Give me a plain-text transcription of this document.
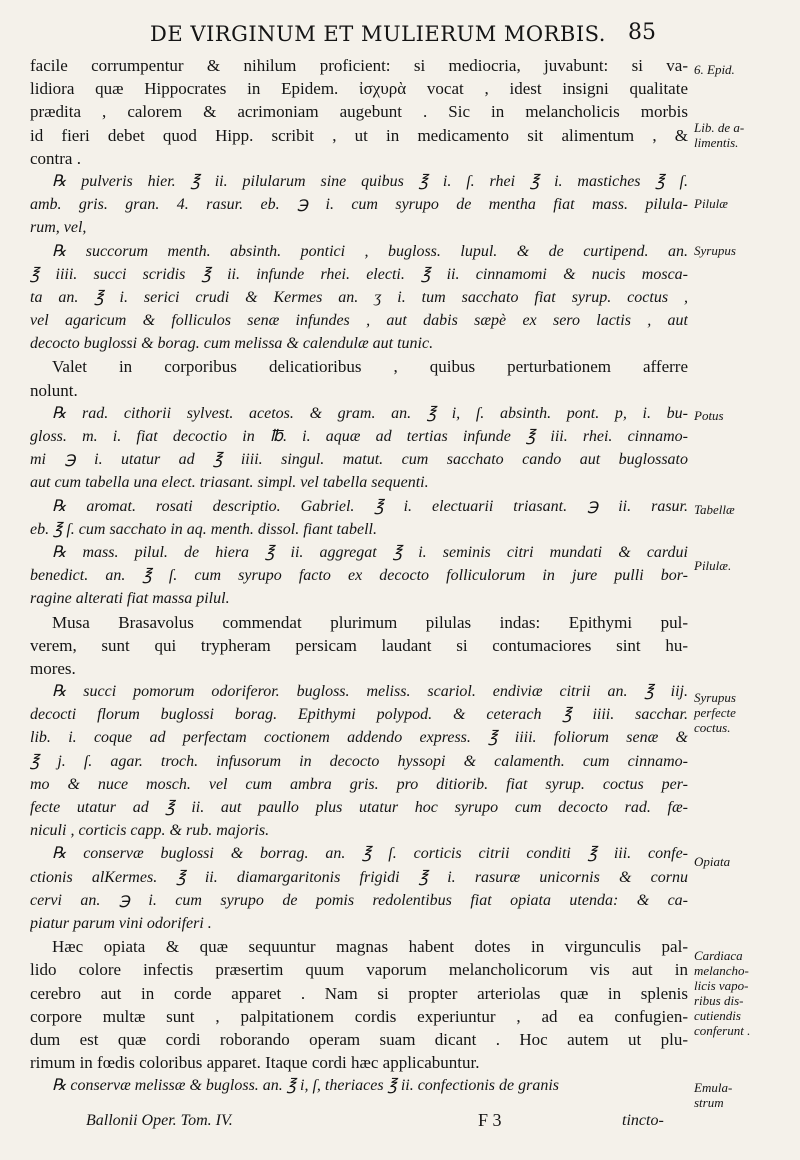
DE VIRGINUM ET MULIERUM MORBIS.	85
facile corrumpentur & nihilum proficient: si mediocria, juvabunt: si va-
lidiora quæ Hippocrates in Epidem. ἰσχυρὰ vocat , idest insigni qualitate
prædita , calorem & acrimoniam augebunt . Sic in melancholicis morbis
id fieri debet quod Hipp. scribit , ut in medicamento sit alimentum , &
contra .
℞ pulveris hier. ℥ ii. pilularum sine quibus ℥ i. ſ. rhei ℥ i. mastiches ℥ ſ.
amb. gris. gran. 4. rasur. eb. ℈ i. cum syrupo de mentha fiat mass. pilula-
rum, vel,
℞ succorum menth. absinth. pontici , bugloss. lupul. & de curtipend. an.
℥ iiii. succi scridis ℥ ii. infunde rhei. electi. ℥ ii. cinnamomi & nucis mosca-
ta an. ℥ i. serici crudi & Kermes an. ʒ i. tum sacchato fiat syrup. coctus ,
vel agaricum & folliculos senæ infundes , aut dabis sæpè ex sero lactis , aut
decocto buglossi & borag. cum melissa & calendulæ aut tunic.
Valet in corporibus delicatioribus , quibus perturbationem afferre
nolunt.
℞ rad. cithorii sylvest. acetos. & gram. an. ℥ i, ſ. absinth. pont. p, i. bu-
gloss. m. i. fiat decoctio in ℔. i. aquæ ad tertias infunde ℥ iii. rhei. cinnamo-
mi ℈ i. utatur ad ℥ iiii. singul. matut. cum sacchato cando aut buglossato
aut cum tabella una elect. triasant. simpl. vel tabella sequenti.
℞ aromat. rosati descriptio. Gabriel. ℥ i. electuarii triasant. ℈ ii. rasur.
eb. ℥ ſ. cum sacchato in aq. menth. dissol. fiant tabell.
℞ mass. pilul. de hiera ℥ ii. aggregat ℥ i. seminis citri mundati & cardui
benedict. an. ℥ ſ. cum syrupo facto ex decocto folliculorum in jure pulli bor-
ragine alterati fiat massa pilul.
Musa Brasavolus commendat plurimum pilulas indas: Epithymi pul-
verem, sunt qui trypheram persicam laudant si contumaciores sint hu-
mores.
℞ succi pomorum odoriferor. bugloss. meliss. scariol. endiviæ citrii an. ℥ iij.
decocti florum buglossi borag. Epithymi polypod. & ceterach ℥ iiii. sacchar.
lib. i. coque ad perfectam coctionem addendo express. ℥ iiii. foliorum senæ &
℥ j. ſ. agar. troch. infusorum in decocto hyssopi & calamenth. cum cinnamo-
mo & nuce mosch. vel cum ambra gris. pro ditiorib. fiat syrup. coctus per-
fecte utatur ad ℥ ii. aut paullo plus utatur hoc syrupo cum decocto rad. fæ-
niculi , corticis capp. & rub. majoris.
℞ conservæ buglossi & borrag. an. ℥ ſ. corticis citrii conditi ℥ iii. confe-
ctionis alKermes. ℥ ii. diamargaritonis frigidi ℥ i. rasuræ unicornis & cornu
cervi an. ℈ i. cum syrupo de pomis redolentibus fiat opiata utenda: & ca-
piatur parum vini odoriferi .
Hæc opiata & quæ sequuntur magnas habent dotes in virgunculis pal-
lido colore infectis præsertim quum vaporum melancholicorum vis aut in
cerebro aut in corde apparet . Nam si propter arteriolas quæ in splenis
corpore multæ sunt , palpitationem cordis experiuntur , ad ea confugien-
dum est quæ cordi roborando operam suam dicant . Hoc autem ut plu-
rimum in fœdis coloribus apparet. Itaque cordi hæc applicabuntur.
℞ conservæ melissæ & bugloss. an. ℥ i, ſ, theriaces ℥ ii. confectionis de granis
6. Epid.
Lib. de a- limentis.
Pilulæ
Syrupus
Potus
Tabellæ
Pilulæ.
Syrupus perfecte coctus.
Opiata
Cardiaca melancho- licis vapo- ribus dis- cutiendis conferunt .
Emula- strum
Ballonii Oper. Tom. IV.	F 3	tincto-
